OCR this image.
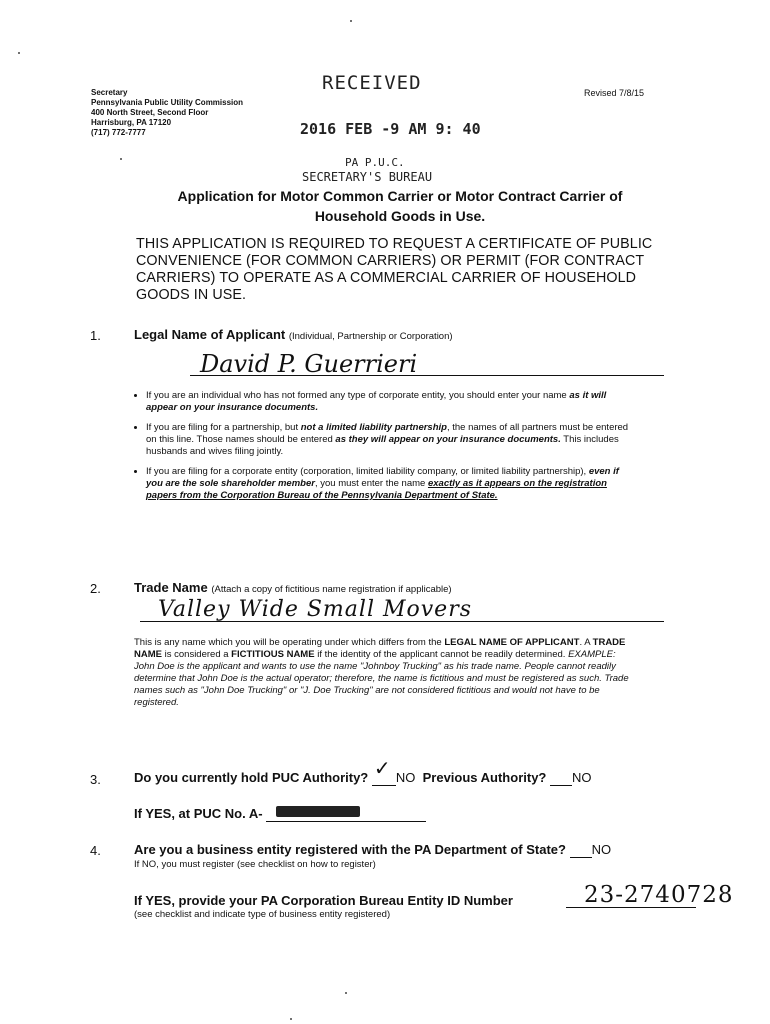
Secretary
Pennsylvania Public Utility Commission
400 North Street, Second Floor
Harrisburg, PA 17120
(717) 772-7777
Revised 7/8/15
RECEIVED
2016 FEB -9 AM 9: 40
PA P.U.C.
SECRETARY'S BUREAU
Application for Motor Common Carrier or Motor Contract Carrier of
Household Goods in Use.
THIS APPLICATION IS REQUIRED TO REQUEST A CERTIFICATE OF PUBLIC CONVENIENCE (FOR COMMON CARRIERS) OR PERMIT (FOR CONTRACT CARRIERS) TO OPERATE AS A COMMERCIAL CARRIER OF HOUSEHOLD GOODS IN USE.
1.	Legal Name of Applicant (Individual, Partnership or Corporation)
David P. Guerrieri
• If you are an individual who has not formed any type of corporate entity, you should enter your name as it will appear on your insurance documents.
• If you are filing for a partnership, but not a limited liability partnership, the names of all partners must be entered on this line. Those names should be entered as they will appear on your insurance documents. This includes husbands and wives filing jointly.
• If you are filing for a corporate entity (corporation, limited liability company, or limited liability partnership), even if you are the sole shareholder member, you must enter the name exactly as it appears on the registration papers from the Corporation Bureau of the Pennsylvania Department of State.
2.	Trade Name (Attach a copy of fictitious name registration if applicable)
Valley Wide Small Movers
This is any name which you will be operating under which differs from the LEGAL NAME OF APPLICANT. A TRADE NAME is considered a FICTITIOUS NAME if the identity of the applicant cannot be readily determined. EXAMPLE: John Doe is the applicant and wants to use the name "Johnboy Trucking" as his trade name. People cannot readily determine that John Doe is the actual operator; therefore, the name is fictitious and must be registered as such. Trade names such as "John Doe Trucking" or "J. Doe Trucking" are not considered fictitious and would not have to be registered.
3.	Do you currently hold PUC Authority? ✓ NO Previous Authority? NO
If YES, at PUC No. A-

4.	Are you a business entity registered with the PA Department of State? NO
If NO, you must register (see checklist on how to register)
If YES, provide your PA Corporation Bureau Entity ID Number	23-2740728
(see checklist and indicate type of business entity registered)
